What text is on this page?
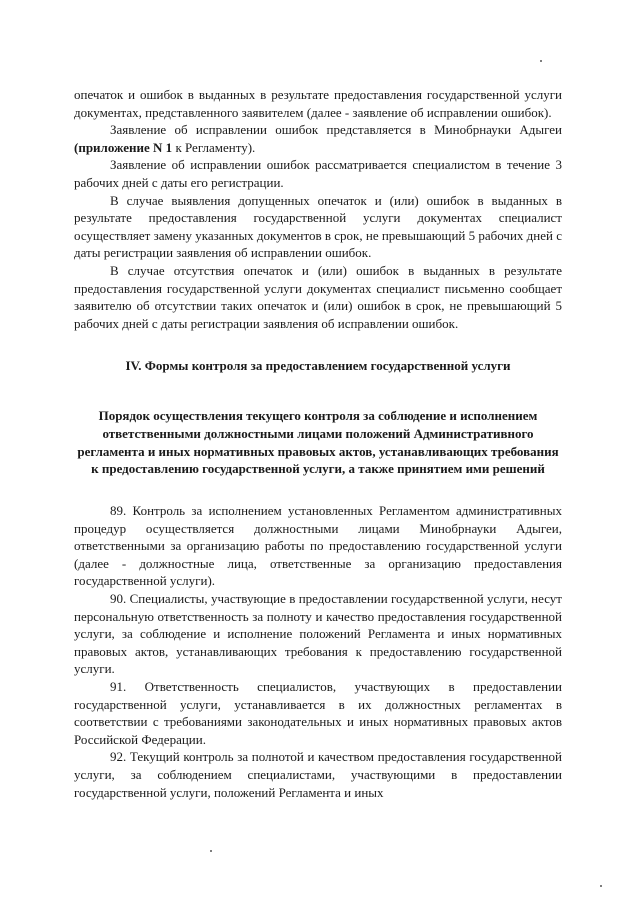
опечаток и ошибок в выданных в результате предоставления государственной услуги документах, представленного заявителем (далее - заявление об исправлении ошибок).

Заявление об исправлении ошибок представляется в Минобрнауки Адыгеи (приложение N 1 к Регламенту).

Заявление об исправлении ошибок рассматривается специалистом в течение 3 рабочих дней с даты его регистрации.

В случае выявления допущенных опечаток и (или) ошибок в выданных в результате предоставления государственной услуги документах специалист осуществляет замену указанных документов в срок, не превышающий 5 рабочих дней с даты регистрации заявления об исправлении ошибок.

В случае отсутствия опечаток и (или) ошибок в выданных в результате предоставления государственной услуги документах специалист письменно сообщает заявителю об отсутствии таких опечаток и (или) ошибок в срок, не превышающий 5 рабочих дней с даты регистрации заявления об исправлении ошибок.

IV. Формы контроля за предоставлением государственной услуги

Порядок осуществления текущего контроля за соблюдение и исполнением ответственными должностными лицами положений Административного регламента и иных нормативных правовых актов, устанавливающих требования к предоставлению государственной услуги, а также принятием ими решений

89. Контроль за исполнением установленных Регламентом административных процедур осуществляется должностными лицами Минобрнауки Адыгеи, ответственными за организацию работы по предоставлению государственной услуги (далее - должностные лица, ответственные за организацию предоставления государственной услуги).

90. Специалисты, участвующие в предоставлении государственной услуги, несут персональную ответственность за полноту и качество предоставления государственной услуги, за соблюдение и исполнение положений Регламента и иных нормативных правовых актов, устанавливающих требования к предоставлению государственной услуги.

91. Ответственность специалистов, участвующих в предоставлении государственной услуги, устанавливается в их должностных регламентах в соответствии с требованиями законодательных и иных нормативных правовых актов Российской Федерации.

92. Текущий контроль за полнотой и качеством предоставления государственной услуги, за соблюдением специалистами, участвующими в предоставлении государственной услуги, положений Регламента и иных
